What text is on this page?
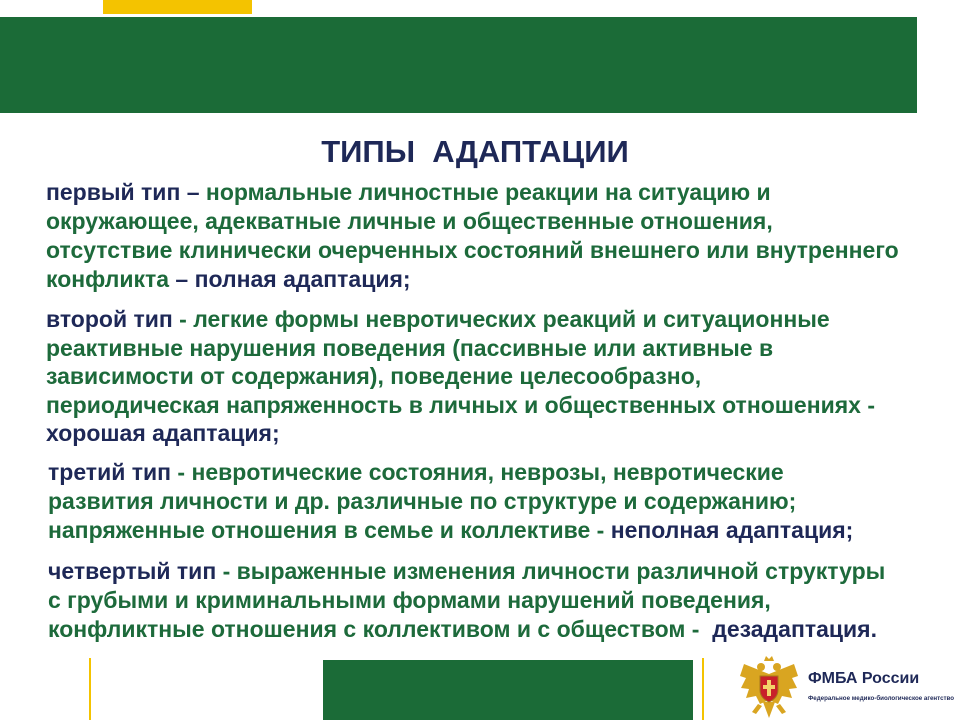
ТИПЫ  АДАПТАЦИИ
первый тип – нормальные личностные реакции на ситуацию и
окружающее, адекватные личные и общественные отношения,
отсутствие клинически очерченных состояний внешнего или внутреннего
конфликта – полная адаптация;
второй тип - легкие формы невротических реакций и ситуационные
реактивные нарушения поведения (пассивные или активные в
зависимости от содержания), поведение целесообразно,
периодическая напряженность в личных и общественных отношениях -
хорошая адаптация;
третий тип - невротические состояния, неврозы, невротические
развития личности и др. различные по структуре и содержанию;
напряженные отношения в семье и коллективе - неполная адаптация;
четвертый тип - выраженные изменения личности различной структуры
с грубыми и криминальными формами нарушений поведения,
конфликтные отношения с коллективом и с обществом - дезадаптация.
ФМБА России
Федеральное медико-биологическое агентство
